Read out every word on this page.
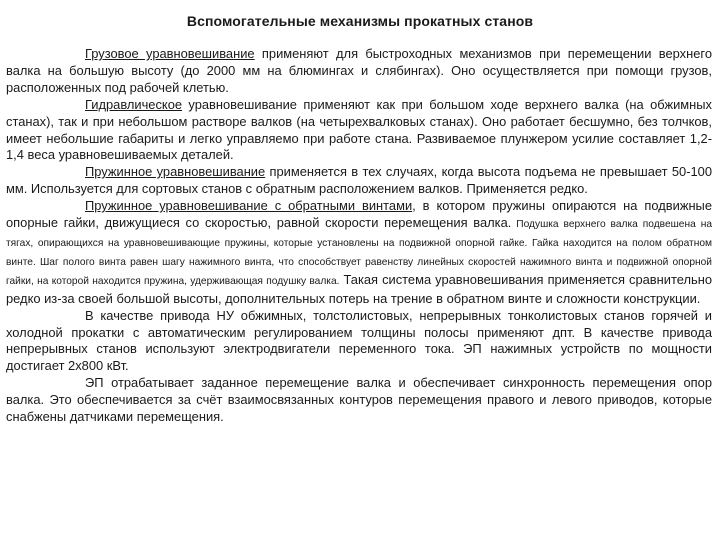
Вспомогательные механизмы прокатных станов

Грузовое уравновешивание применяют для быстроходных механизмов при перемещении верхнего валка на большую высоту (до 2000 мм на блюмингах и слябингах). Оно осуществляется при помощи грузов, расположенных под рабочей клетью.

Гидравлическое уравновешивание применяют как при большом ходе верхнего валка (на обжимных станах), так и при небольшом растворе валков (на четырехвалковых станах). Оно работает бесшумно, без толчков, имеет небольшие габариты и легко управляемо при работе стана. Развиваемое плунжером усилие составляет 1,2-1,4 веса уравновешиваемых деталей.

Пружинное уравновешивание применяется в тех случаях, когда высота подъема не превышает 50-100 мм. Используется для сортовых станов с обратным расположением валков. Применяется редко.

Пружинное уравновешивание с обратными винтами, в котором пружины опираются на подвижные опорные гайки, движущиеся со скоростью, равной скорости перемещения валка. Подушка верхнего валка подвешена на тягах, опирающихся на уравновешивающие пружины, которые установлены на подвижной опорной гайке. Гайка находится на полом обратном винте. Шаг полого винта равен шагу нажимного винта, что способствует равенству линейных скоростей нажимного винта и подвижной опорной гайки, на которой находится пружина, удерживающая подушку валка. Такая система уравновешивания применяется сравнительно редко из-за своей большой высоты, дополнительных потерь на трение в обратном винте и сложности конструкции.

В качестве привода НУ обжимных, толстолистовых, непрерывных тонколистовых станов горячей и холодной прокатки с автоматическим регулированием толщины полосы применяют дпт. В качестве привода непрерывных станов используют электродвигатели переменного тока. ЭП нажимных устройств по мощности достигает 2х800 кВт.

ЭП отрабатывает заданное перемещение валка и обеспечивает синхронность перемещения опор валка. Это обеспечивается за счёт взаимосвязанных контуров перемещения правого и левого приводов, которые снабжены датчиками перемещения.
